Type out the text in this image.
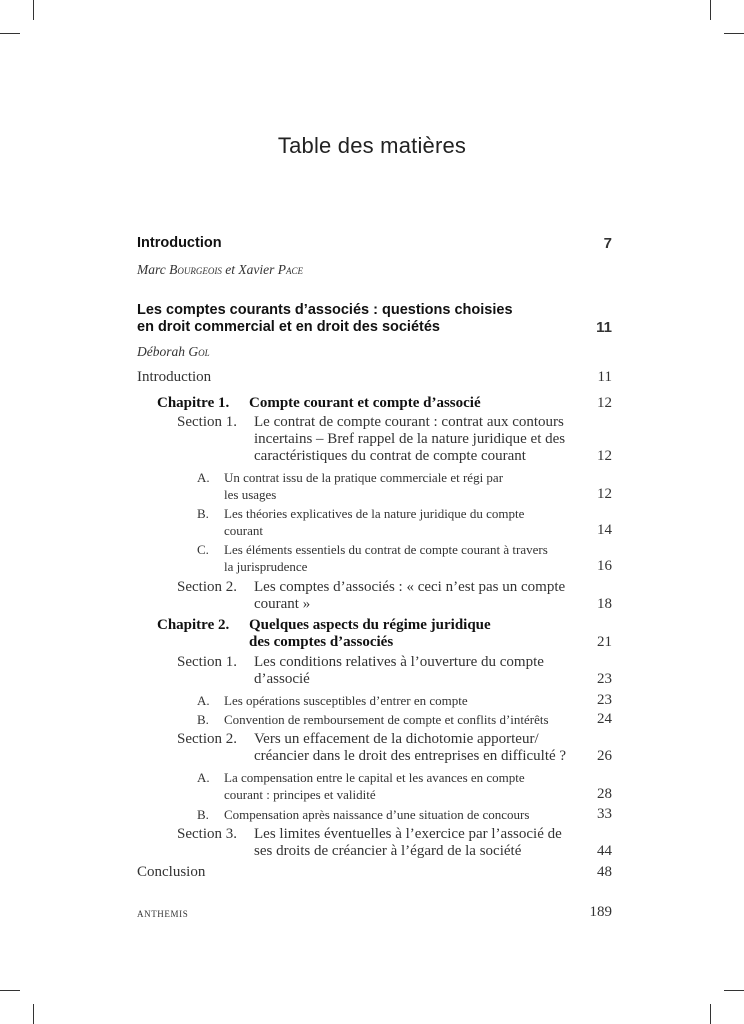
Table des matières
Introduction	7
Marc Bourgeois et Xavier Pace
Les comptes courants d’associés : questions choisies
en droit commercial et en droit des sociétés	11
Déborah Gol
Introduction	11
Chapitre 1. Compte courant et compte d’associé	12
Section 1. Le contrat de compte courant : contrat aux contours
incertains – Bref rappel de la nature juridique et des
caractéristiques du contrat de compte courant	12
A. Un contrat issu de la pratique commerciale et régi par
les usages	12
B. Les théories explicatives de la nature juridique du compte
courant	14
C. Les éléments essentiels du contrat de compte courant à travers
la jurisprudence	16
Section 2. Les comptes d’associés : « ceci n’est pas un compte
courant »	18
Chapitre 2. Quelques aspects du régime juridique
des comptes d’associés	21
Section 1. Les conditions relatives à l’ouverture du compte
d’associé	23
A. Les opérations susceptibles d’entrer en compte	23
B. Convention de remboursement de compte et conflits d’intérêts	24
Section 2. Vers un effacement de la dichotomie apporteur/
créancier dans le droit des entreprises en difficulté ?	26
A. La compensation entre le capital et les avances en compte
courant : principes et validité	28
B. Compensation après naissance d’une situation de concours	33
Section 3. Les limites éventuelles à l’exercice par l’associé de
ses droits de créancier à l’égard de la société	44
Conclusion	48
ANTHEMIS	189
